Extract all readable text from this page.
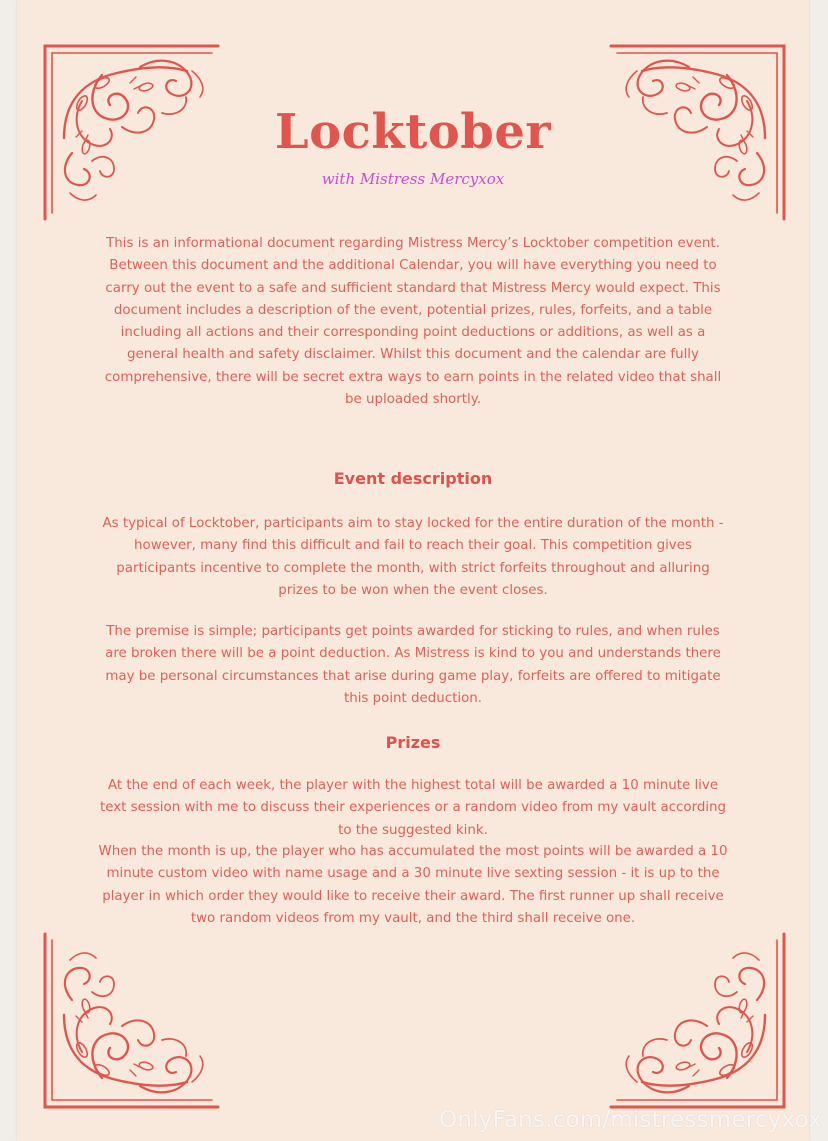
Locktober
with Mistress Mercyxox

This is an informational document regarding Mistress Mercy’s Locktober competition event. Between this document and the additional Calendar, you will have everything you need to carry out the event to a safe and sufficient standard that Mistress Mercy would expect. This document includes a description of the event, potential prizes, rules, forfeits, and a table including all actions and their corresponding point deductions or additions, as well as a general health and safety disclaimer. Whilst this document and the calendar are fully comprehensive, there will be secret extra ways to earn points in the related video that shall be uploaded shortly.

Event description

As typical of Locktober, participants aim to stay locked for the entire duration of the month - however, many find this difficult and fail to reach their goal. This competition gives participants incentive to complete the month, with strict forfeits throughout and alluring prizes to be won when the event closes.

The premise is simple; participants get points awarded for sticking to rules, and when rules are broken there will be a point deduction. As Mistress is kind to you and understands there may be personal circumstances that arise during game play, forfeits are offered to mitigate this point deduction.

Prizes

At the end of each week, the player with the highest total will be awarded a 10 minute live text session with me to discuss their experiences or a random video from my vault according to the suggested kink.

When the month is up, the player who has accumulated the most points will be awarded a 10 minute custom video with name usage and a 30 minute live sexting session - it is up to the player in which order they would like to receive their award. The first runner up shall receive two random videos from my vault, and the third shall receive one.

OnlyFans.com/mistressmercyxox
